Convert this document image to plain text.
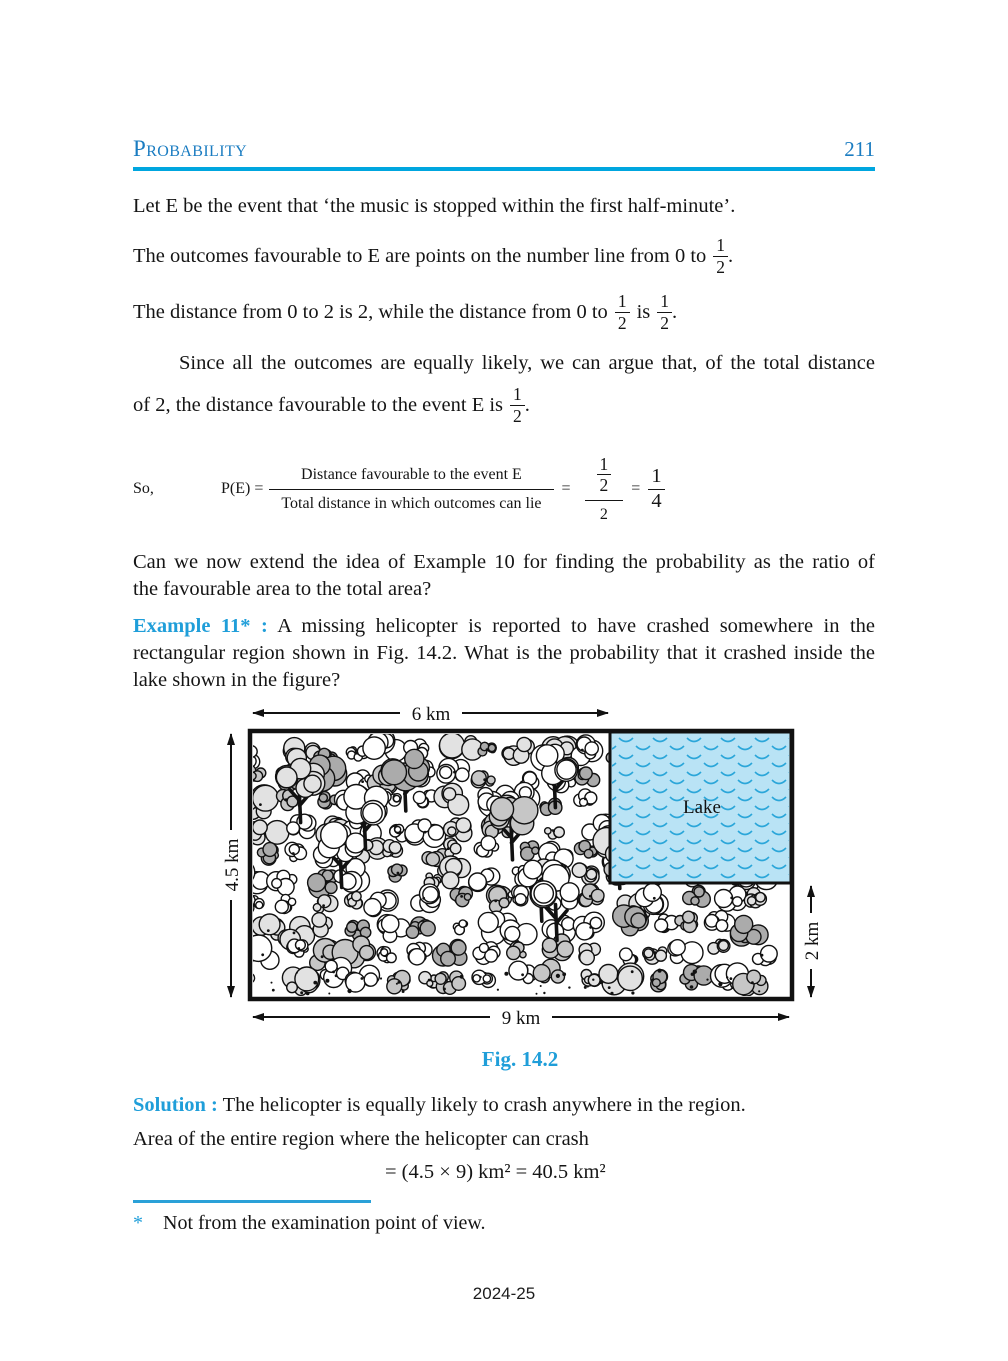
Probability	211

Let E be the event that ‘the music is stopped within the first half-minute’.

The outcomes favourable to E are points on the number line from 0 to $\frac{1}{2}$ .
The distance from 0 to 2 is 2, while the distance from 0 to $\frac{1}{2}$ is $\frac{1}{2}$ .

Since all the outcomes are equally likely, we can argue that, of the total distance

of 2, the distance favourable to the event E is $\frac{1}{2}$ .
So,	P(E) =
Distance favourable to the event E
Total distance in which outcomes can lie
= $\frac{\frac{1}{2}}{2} = \frac{1}{4}$

Can we now extend the idea of Example 10 for finding the probability as the ratio of
the favourable area to the total area?

Example 11* : A missing helicopter is reported to have crashed somewhere in the
rectangular region shown in Fig. 14.2. What is the probability that it crashed inside the
lake shown in the figure?

Lake
6 km
4.5 km
2 km
9 km
Fig. 14.2

Solution : The helicopter is equally likely to crash anywhere in the region.

Area of the entire region where the helicopter can crash

= (4.5 × 9) km² = 40.5 km²

*	Not from the examination point of view.
2024-25
